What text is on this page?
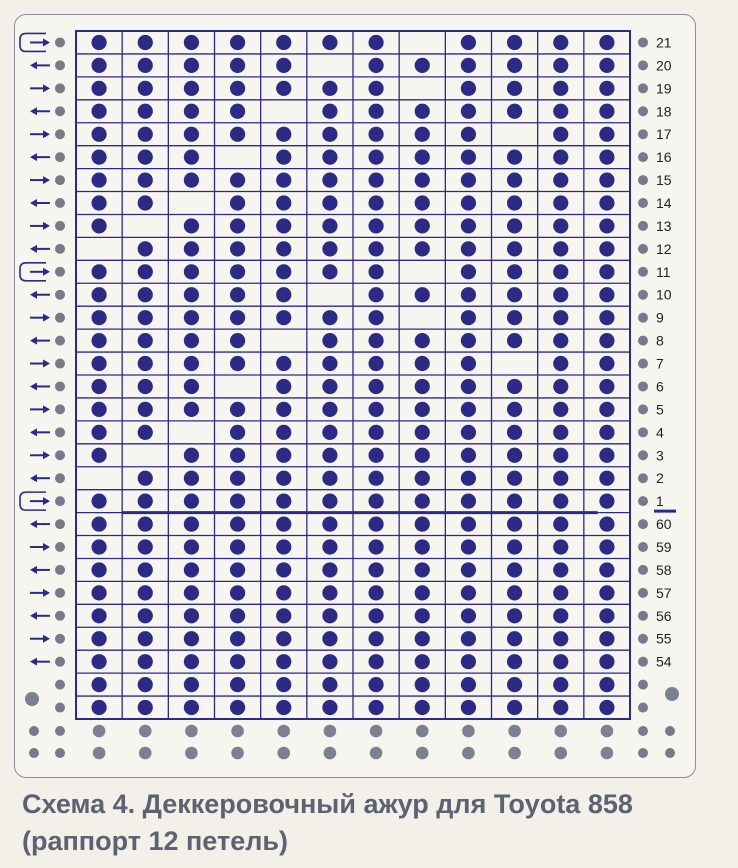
21
20
19
18
17
16
15
14
13
12
11
10
9
8
7
6
5
4
3
2
1
60
59
58
57
56
55
54
Схема 4. Деккеровочный ажур для Toyota 858 (раппорт 12 петель)
